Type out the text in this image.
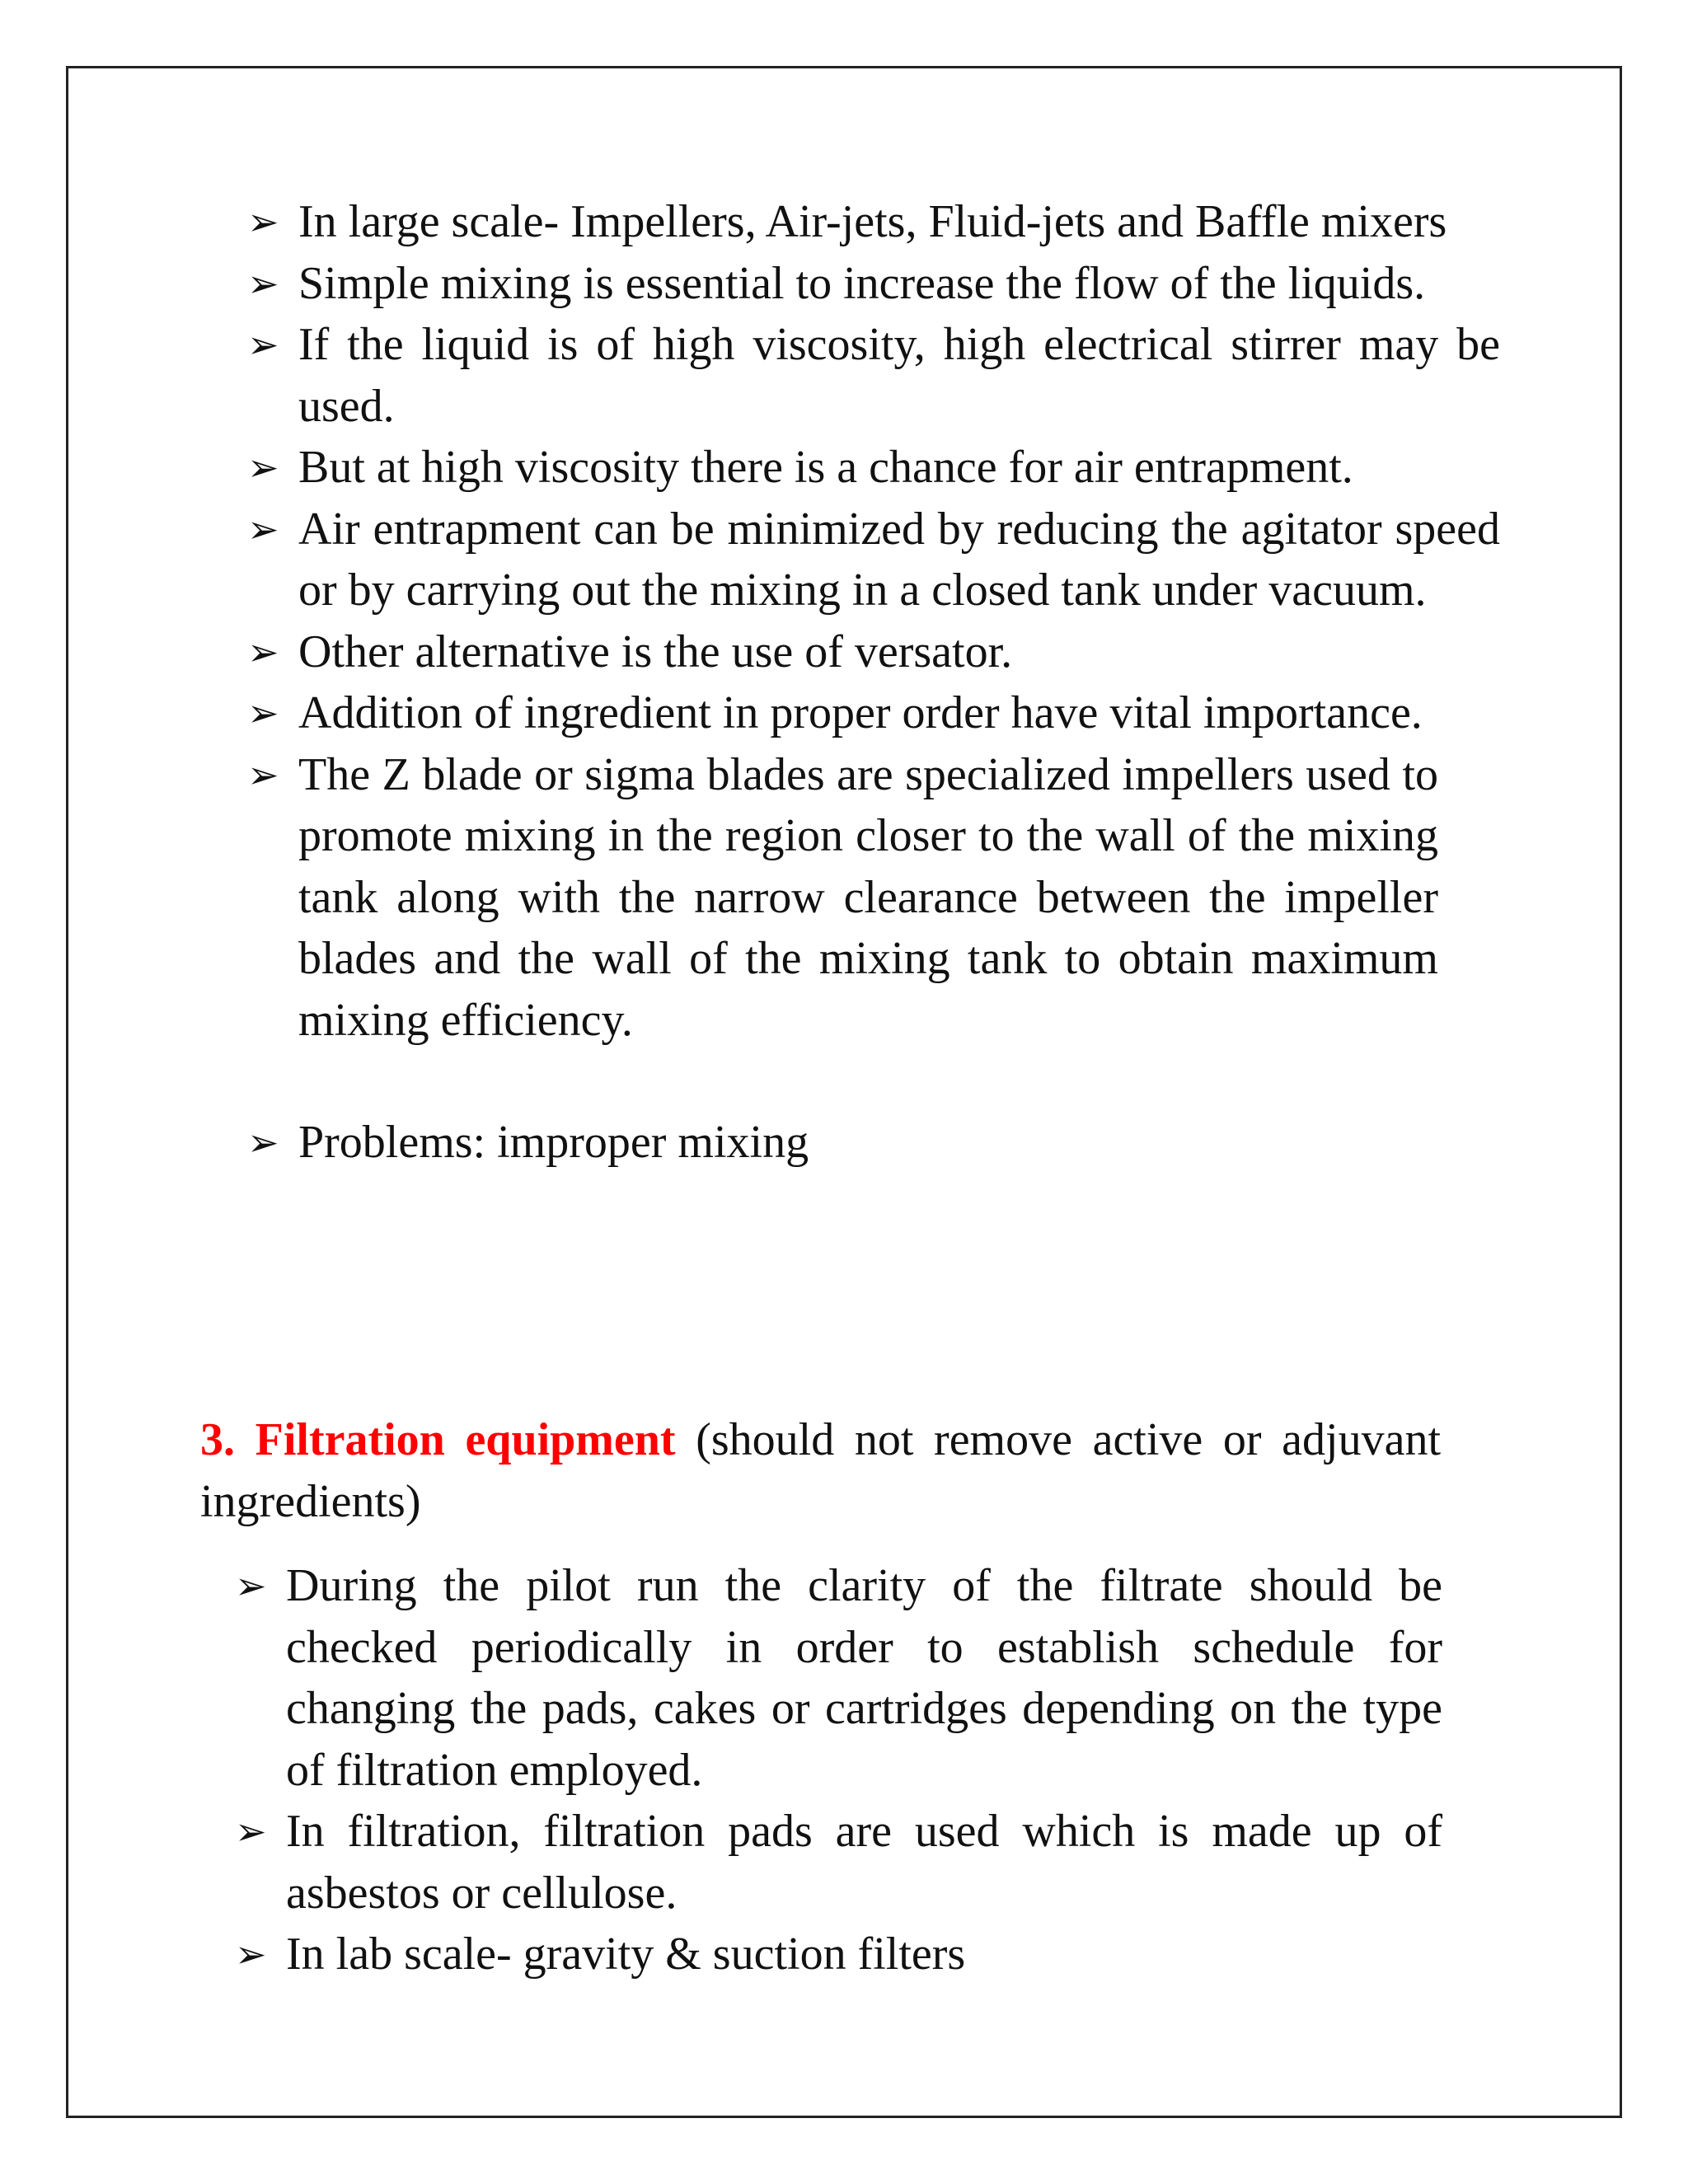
➢ In large scale- Impellers, Air-jets, Fluid-jets and Baffle mixers
➢ Simple mixing is essential to increase the flow of the liquids.
➢ If the liquid is of high viscosity, high electrical stirrer may be used.
➢ But at high viscosity there is a chance for air entrapment.
➢ Air entrapment can be minimized by reducing the agitator speed or by carrying out the mixing in a closed tank under vacuum.
➢ Other alternative is the use of versator.
➢ Addition of ingredient in proper order have vital importance.
➢ The Z blade or sigma blades are specialized impellers used to promote mixing in the region closer to the wall of the mixing tank along with the narrow clearance between the impeller blades and the wall of the mixing tank to obtain maximum mixing efficiency.
➢ Problems: improper mixing
3. Filtration equipment (should not remove active or adjuvant ingredients)
➢ During the pilot run the clarity of the filtrate should be checked periodically in order to establish schedule for changing the pads, cakes or cartridges depending on the type of filtration employed.
➢ In filtration, filtration pads are used which is made up of asbestos or cellulose.
➢ In lab scale- gravity & suction filters
